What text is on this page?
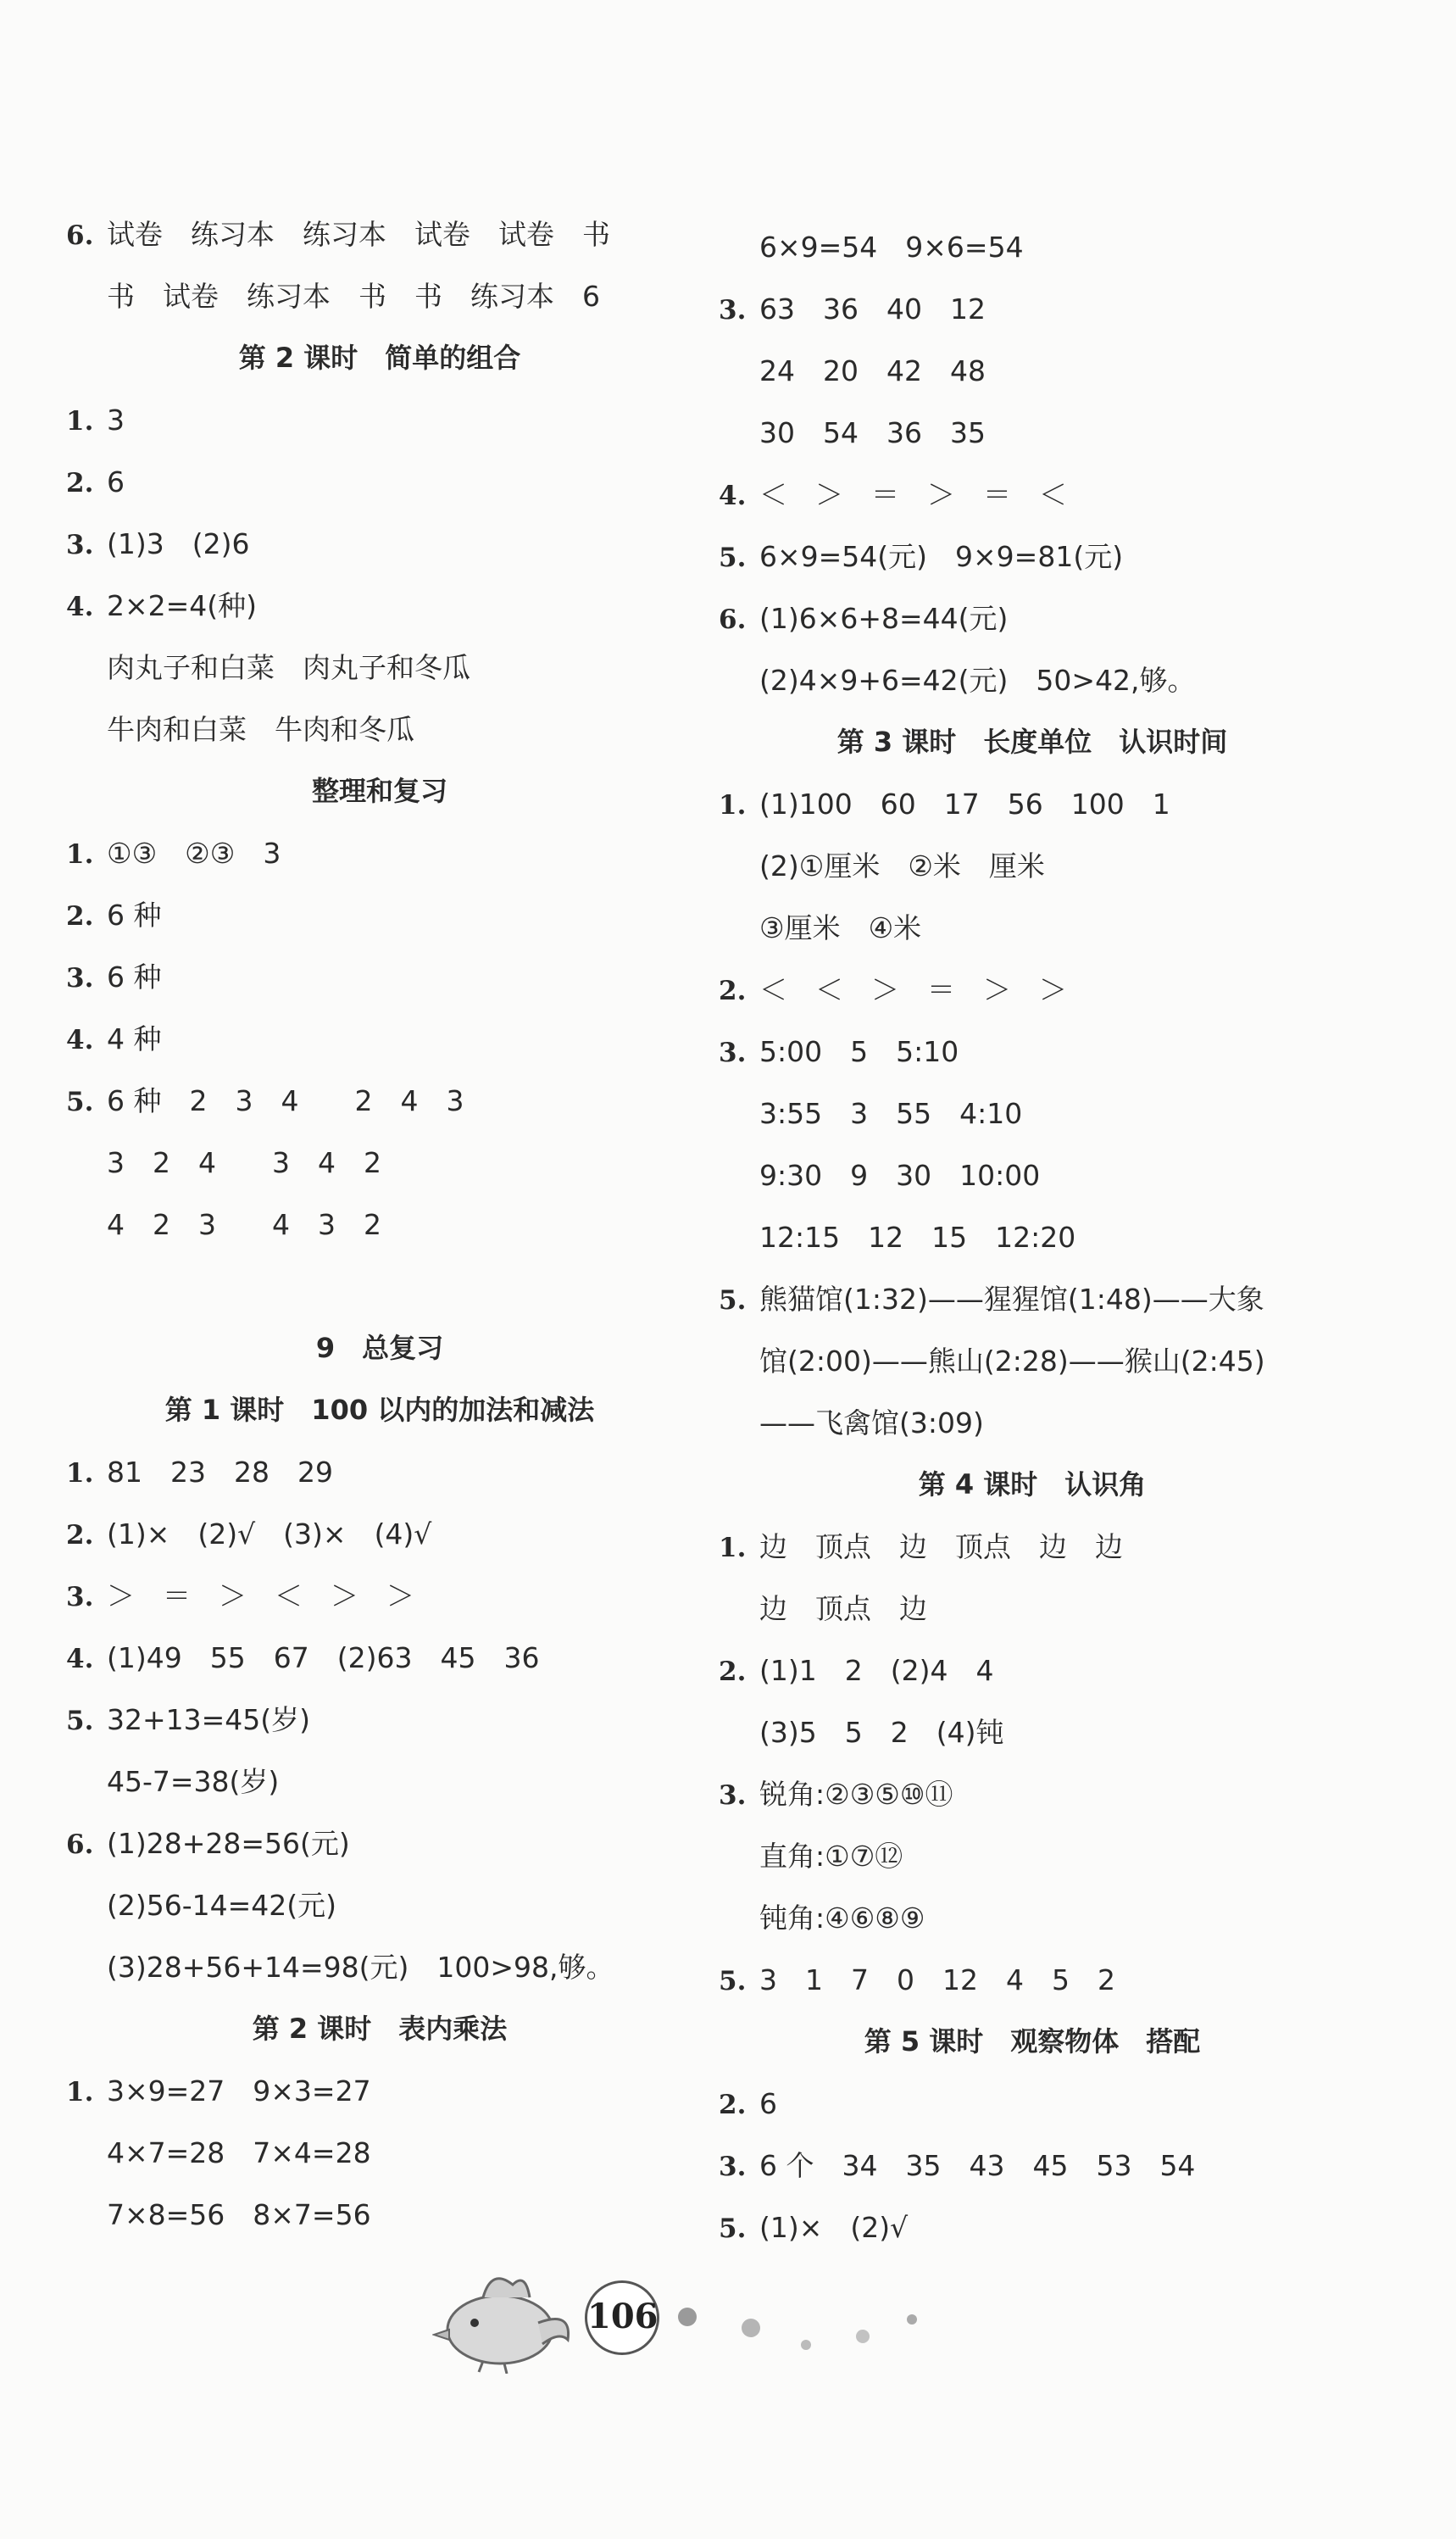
6. 试卷　练习本　练习本　试卷　试卷　书
书　试卷　练习本　书　书　练习本　6
第 2 课时　简单的组合
1. 3
2. 6
3. (1)3　(2)6
4. 2×2=4(种)
肉丸子和白菜　肉丸子和冬瓜
牛肉和白菜　牛肉和冬瓜
整理和复习
1. ①③　②③　3
2. 6 种
3. 6 种
4. 4 种
5. 6 种　2　3　4　　2　4　3
3　2　4　　3　4　2
4　2　3　　4　3　2
9　总复习
第 1 课时　100 以内的加法和减法
1. 81　23　28　29
2. (1)×　(2)√　(3)×　(4)√
3. ＞　＝　＞　＜　＞　＞
4. (1)49　55　67　(2)63　45　36
5. 32+13=45(岁)
45-7=38(岁)
6. (1)28+28=56(元)
(2)56-14=42(元)
(3)28+56+14=98(元)　100>98,够。
第 2 课时　表内乘法
1. 3×9=27　9×3=27
4×7=28　7×4=28
7×8=56　8×7=56
6×9=54　9×6=54
3. 63　36　40　12
24　20　42　48
30　54　36　35
4. ＜　＞　＝　＞　＝　＜
5. 6×9=54(元)　9×9=81(元)
6. (1)6×6+8=44(元)
(2)4×9+6=42(元)　50>42,够。
第 3 课时　长度单位　认识时间
1. (1)100　60　17　56　100　1
(2)①厘米　②米　厘米
③厘米　④米
2. ＜　＜　＞　＝　＞　＞
3. 5:00　5　5:10
3:55　3　55　4:10
9:30　9　30　10:00
12:15　12　15　12:20
5. 熊猫馆(1:32)——猩猩馆(1:48)——大象
馆(2:00)——熊山(2:28)——猴山(2:45)
——飞禽馆(3:09)
第 4 课时　认识角
1. 边　顶点　边　顶点　边　边
边　顶点　边
2. (1)1　2　(2)4　4
(3)5　5　2　(4)钝
3. 锐角:②③⑤⑩⑪
直角:①⑦⑫
钝角:④⑥⑧⑨
5. 3　1　7　0　12　4　5　2
第 5 课时　观察物体　搭配
2. 6
3. 6 个　34　35　43　45　53　54
5. (1)×　(2)√
106
